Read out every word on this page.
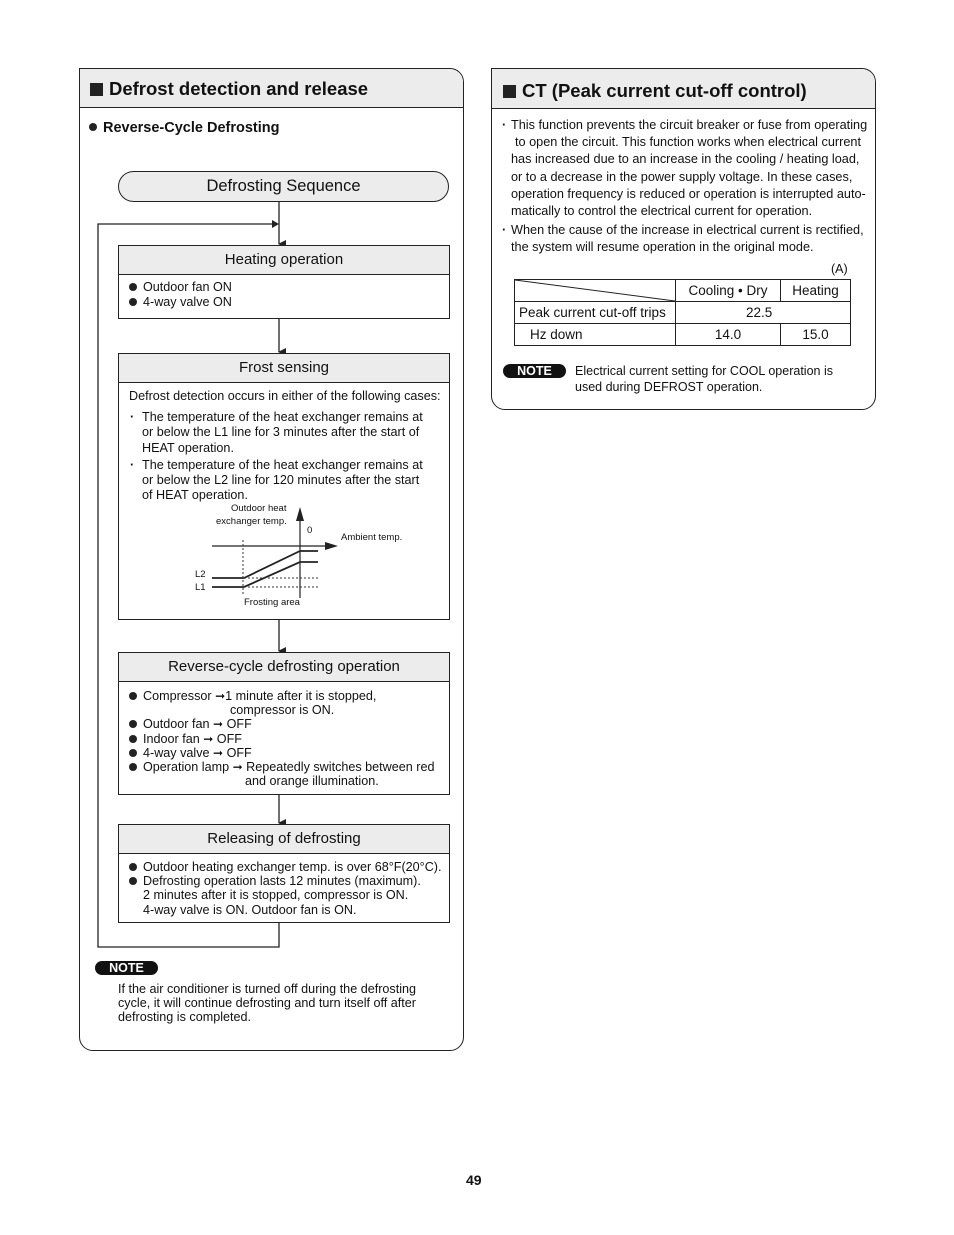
Defrost detection and release
Reverse-Cycle Defrosting
Defrosting Sequence
Heating operation
Outdoor fan ON
4-way valve ON
Frost sensing
Defrost detection occurs in either of the following cases:
· The temperature of the heat exchanger remains at
or below the L1 line for 3 minutes after the start of
HEAT operation.
· The temperature of the heat exchanger remains at
or below the L2 line for 120 minutes after the start
of HEAT operation.
Outdoor heat
exchanger temp.
0
Ambient temp.
L2
L1
Frosting area
Reverse-cycle defrosting operation
Compressor ➞1 minute after it is stopped,
compressor is ON.
Outdoor fan ➞ OFF
Indoor fan ➞ OFF
4-way valve ➞ OFF
Operation lamp ➞ Repeatedly switches between red
and orange illumination.
Releasing of defrosting
Outdoor heating exchanger temp. is over 68°F(20°C).
Defrosting operation lasts 12 minutes (maximum).
2 minutes after it is stopped, compressor is ON.
4-way valve is ON. Outdoor fan is ON.
NOTE
If the air conditioner is turned off during the defrosting
cycle, it will continue defrosting and turn itself off after
defrosting is completed.
CT (Peak current cut-off control)
· This function prevents the circuit breaker or fuse from operating
to open the circuit. This function works when electrical current
has increased due to an increase in the cooling / heating load,
or to a decrease in the power supply voltage. In these cases,
operation frequency is reduced or operation is interrupted auto-
matically to control the electrical current for operation.
· When the cause of the increase in electrical current is rectified,
the system will resume operation in the original mode.
(A)
	Cooling • Dry	Heating
Peak current cut-off trips	22.5	
Hz down	14.0	15.0
NOTE	Electrical current setting for COOL operation is
used during DEFROST operation.
49
